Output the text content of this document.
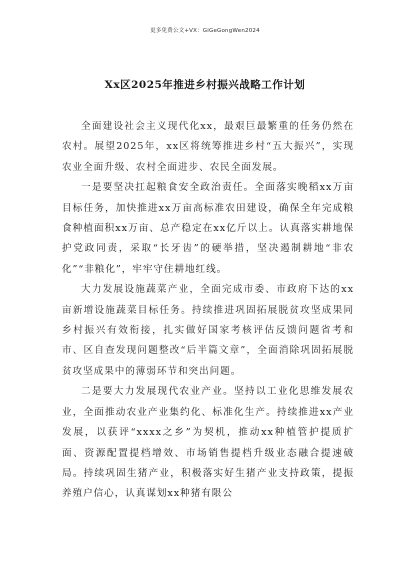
更多免费公文+VX：GiGeGongWen2024
Xx区2025年推进乡村振兴战略工作计划

全面建设社会主义现代化xx，最艰巨最繁重的任务仍然在农村。展望2025年，xx区将统筹推进乡村“五大振兴”，实现农业全面升级、农村全面进步、农民全面发展。

一是要坚决扛起粮食安全政治责任。全面落实晚稻xx万亩目标任务，加快推进xx万亩高标准农田建设，确保全年完成粮食种植面积xx万亩、总产稳定在xx亿斤以上。认真落实耕地保护党政同责，采取“长牙齿”的硬举措，坚决遏制耕地“非农化”“非粮化”，牢牢守住耕地红线。

大力发展设施蔬菜产业，全面完成市委、市政府下达的xx亩新增设施蔬菜目标任务。持续推进巩固拓展脱贫攻坚成果同乡村振兴有效衔接，扎实做好国家考核评估反馈问题省考和市、区自查发现问题整改“后半篇文章”，全面消除巩固拓展脱贫攻坚成果中的薄弱环节和突出问题。

二是要大力发展现代农业产业。坚持以工业化思维发展农业，全面推动农业产业集约化、标准化生产。持续推进xx产业发展，以获评“xxxx之乡”为契机，推动xx种植管护提质扩面、资源配置提档增效、市场销售提档升级业态融合提速破局。持续巩固生猪产业，积极落实好生猪产业支持政策，提振养殖户信心，认真谋划xx种猪有限公
